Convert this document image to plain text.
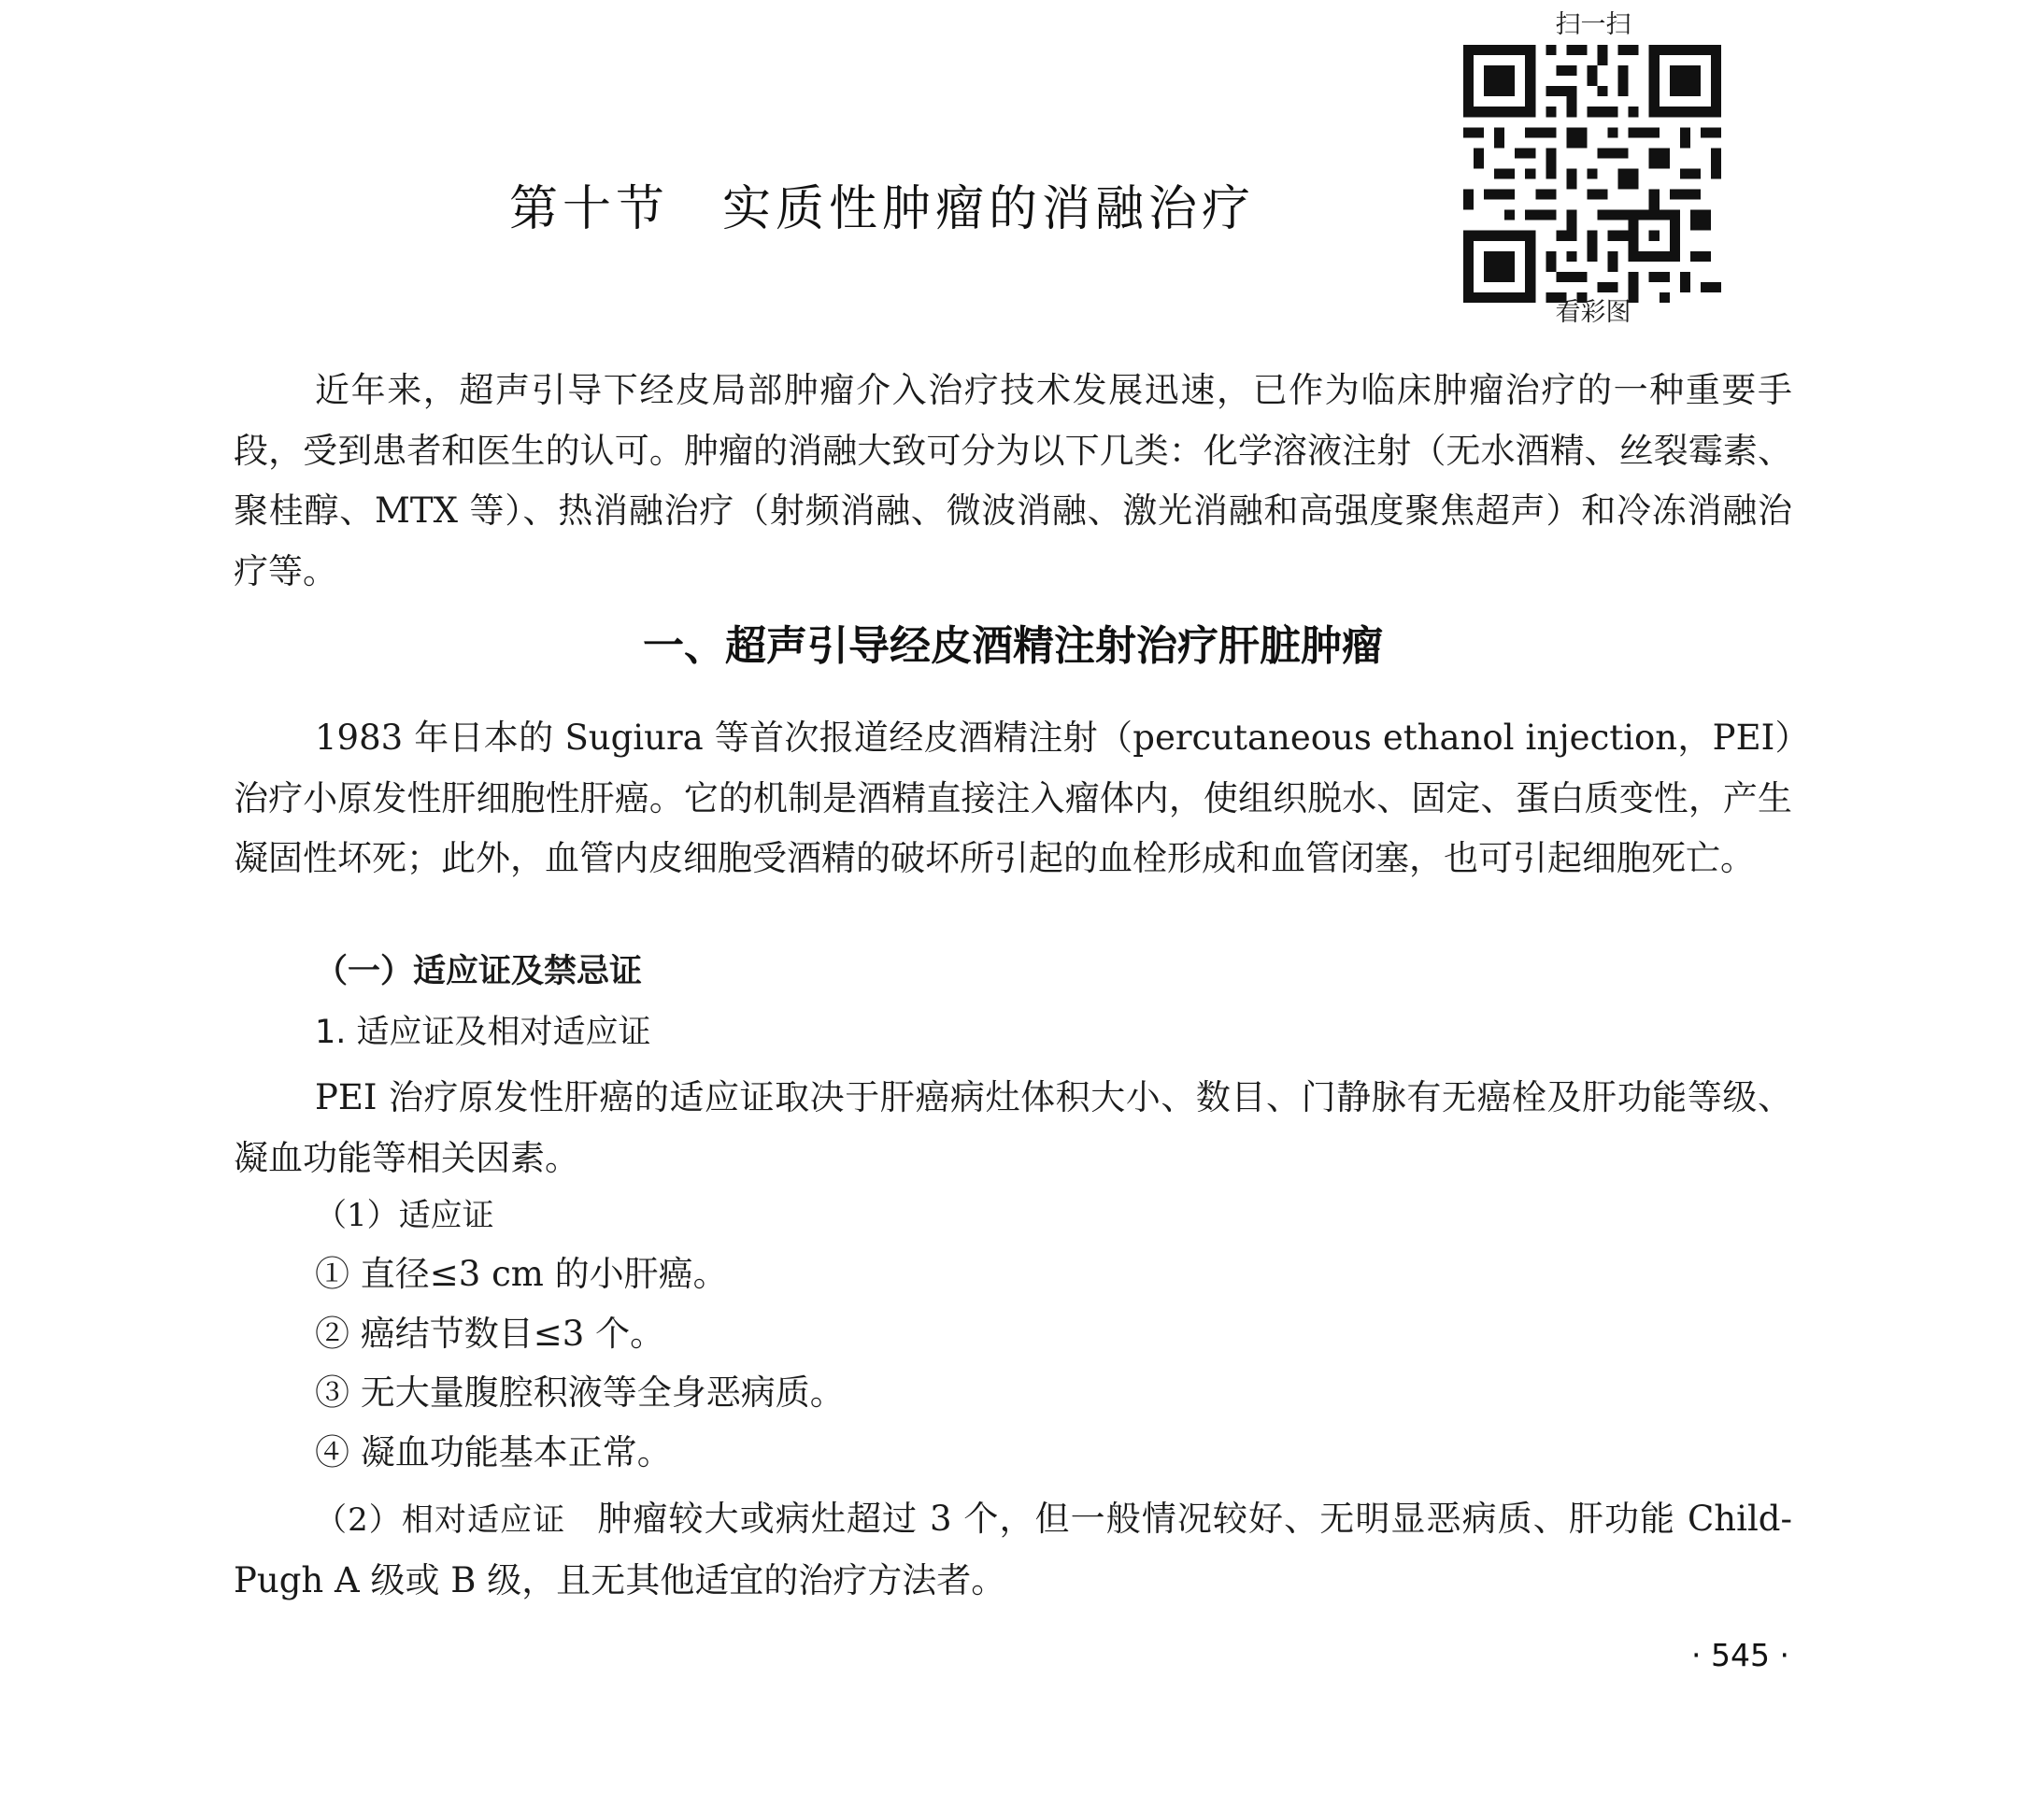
扫一扫
看彩图
第十节　实质性肿瘤的消融治疗
近年来，超声引导下经皮局部肿瘤介入治疗技术发展迅速，已作为临床肿瘤治疗的一种重要手段，受到患者和医生的认可。肿瘤的消融大致可分为以下几类：化学溶液注射（无水酒精、丝裂霉素、聚桂醇、MTX 等）、热消融治疗（射频消融、微波消融、激光消融和高强度聚焦超声）和冷冻消融治疗等。
一、超声引导经皮酒精注射治疗肝脏肿瘤
1983 年日本的 Sugiura 等首次报道经皮酒精注射（percutaneous ethanol injection，PEI）治疗小原发性肝细胞性肝癌。它的机制是酒精直接注入瘤体内，使组织脱水、固定、蛋白质变性，产生凝固性坏死；此外，血管内皮细胞受酒精的破坏所引起的血栓形成和血管闭塞，也可引起细胞死亡。
（一）适应证及禁忌证
1. 适应证及相对适应证
PEI 治疗原发性肝癌的适应证取决于肝癌病灶体积大小、数目、门静脉有无癌栓及肝功能等级、凝血功能等相关因素。
（1）适应证
① 直径≤3 cm 的小肝癌。
② 癌结节数目≤3 个。
③ 无大量腹腔积液等全身恶病质。
④ 凝血功能基本正常。
（2）相对适应证 肿瘤较大或病灶超过 3 个，但一般情况较好、无明显恶病质、肝功能 Child-Pugh A 级或 B 级，且无其他适宜的治疗方法者。
· 545 ·
